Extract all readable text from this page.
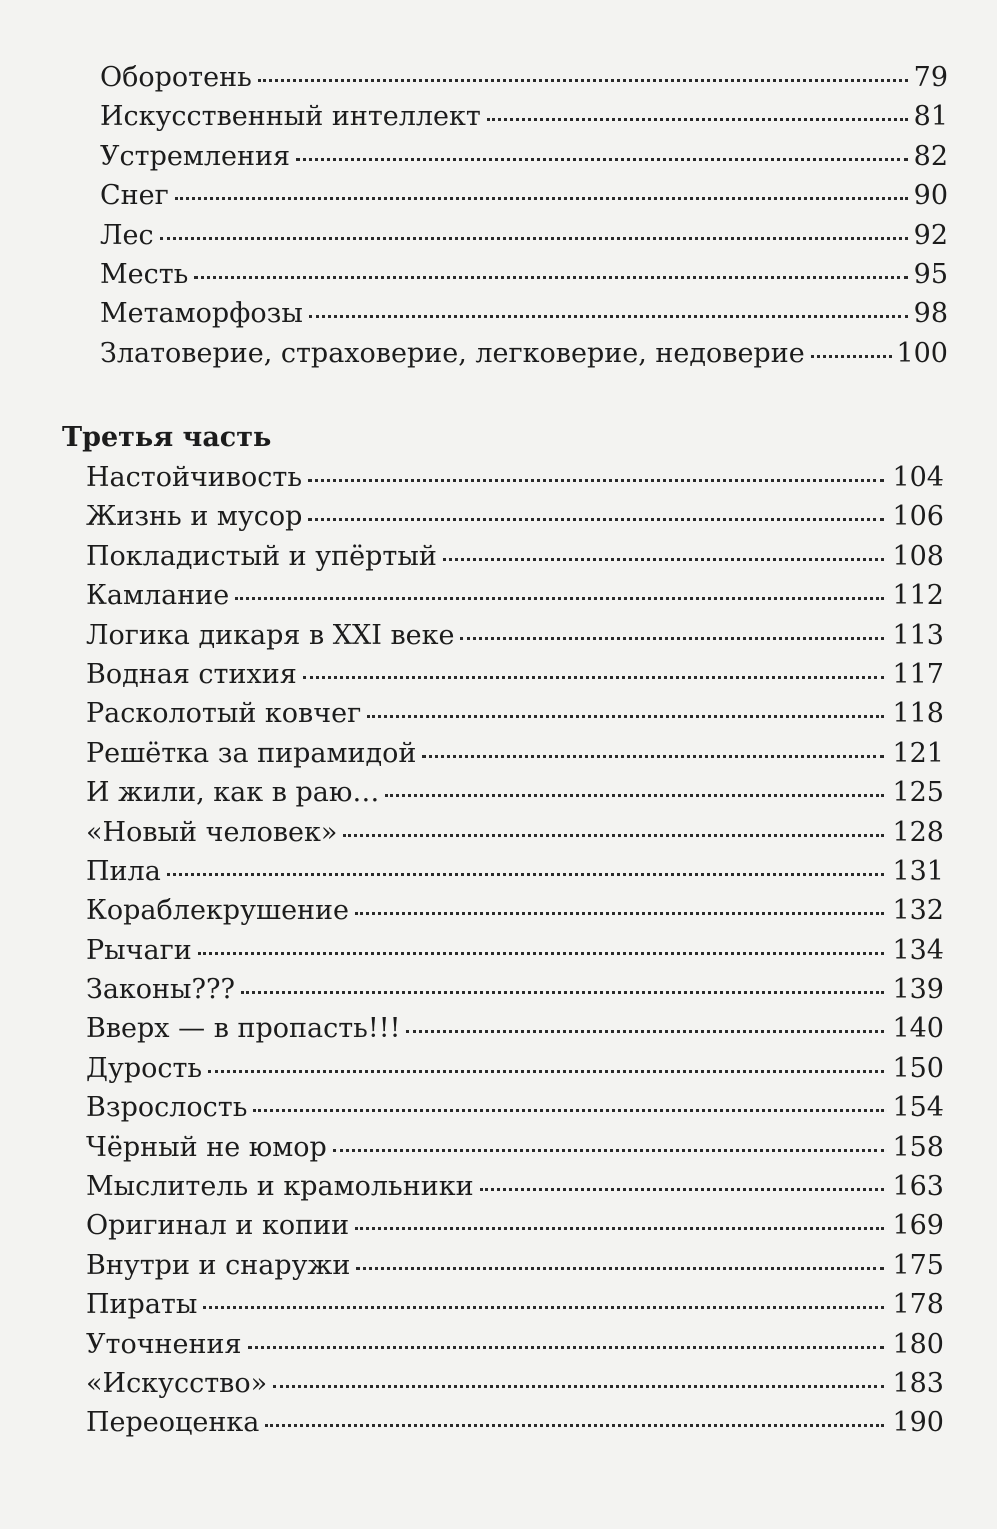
Оборотень	79
Искусственный интеллект	81
Устремления	82
Снег	90
Лес	92
Месть	95
Метаморфозы	98
Златоверие, страховерие, легковерие, недоверие	100
Третья часть
Настойчивость	104
Жизнь и мусор	106
Покладистый и упёртый	108
Камлание	112
Логика дикаря в XXI веке	113
Водная стихия	117
Расколотый ковчег	118
Решётка за пирамидой	121
И жили, как в раю…	125
«Новый человек»	128
Пила	131
Кораблекрушение	132
Рычаги	134
Законы???	139
Вверх — в пропасть!!!	140
Дурость	150
Взрослость	154
Чёрный не юмор	158
Мыслитель и крамольники	163
Оригинал и копии	169
Внутри и снаружи	175
Пираты	178
Уточнения	180
«Искусство»	183
Переоценка	190
